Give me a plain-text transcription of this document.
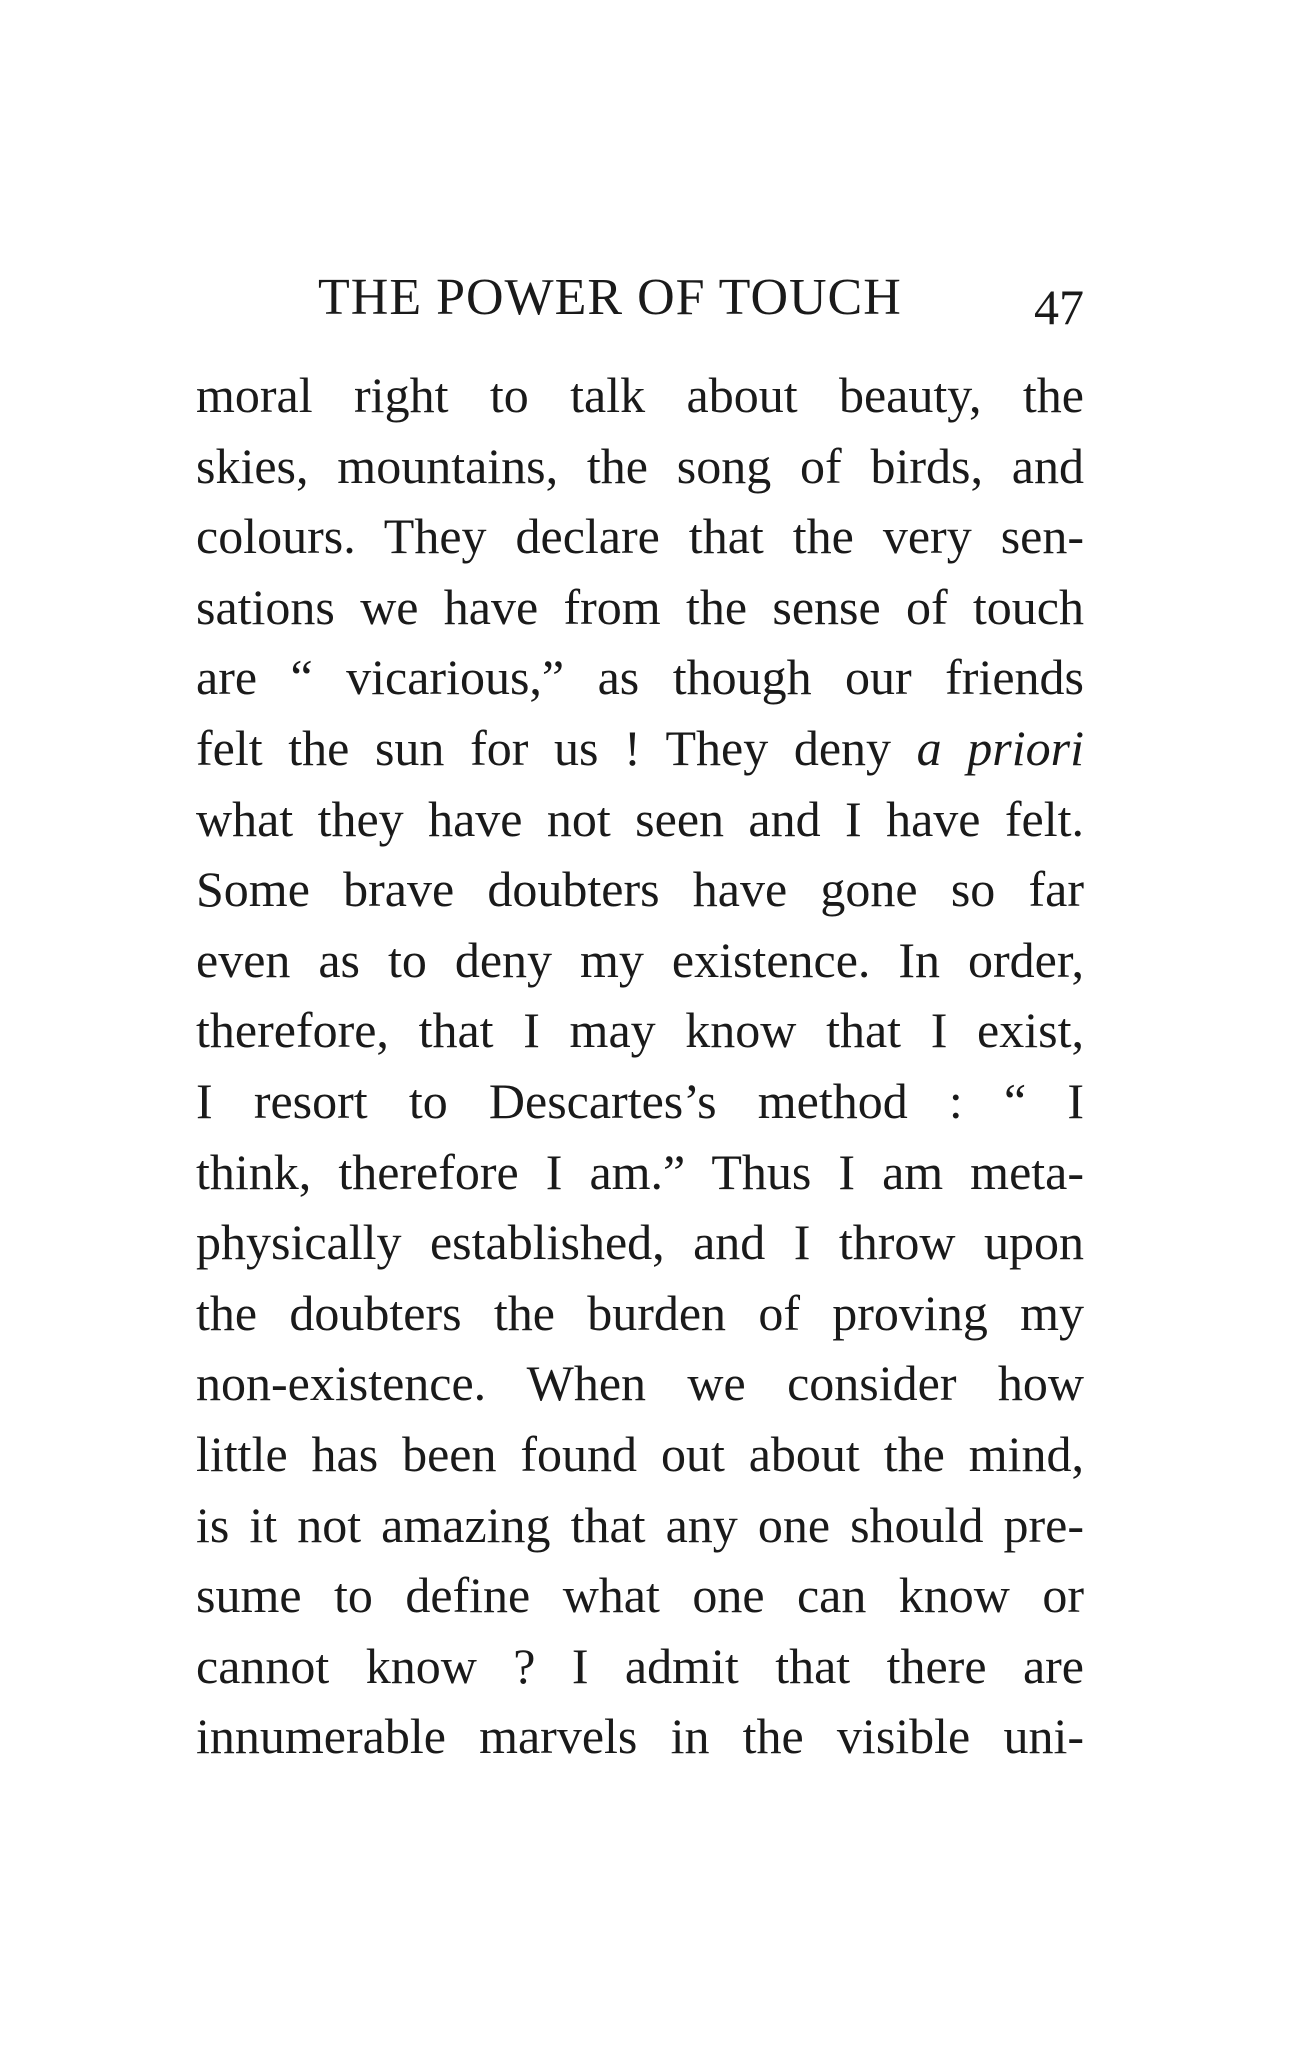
THE POWER OF TOUCH	47
moral right to talk about beauty, the
skies, mountains, the song of birds, and
colours. They declare that the very sen-
sations we have from the sense of touch
are “ vicarious,” as though our friends
felt the sun for us ! They deny a priori
what they have not seen and I have felt.
Some brave doubters have gone so far
even as to deny my existence. In order,
therefore, that I may know that I exist,
I resort to Descartes’s method : “ I
think, therefore I am.” Thus I am meta-
physically established, and I throw upon
the doubters the burden of proving my
non-existence. When we consider how
little has been found out about the mind,
is it not amazing that any one should pre-
sume to define what one can know or
cannot know ? I admit that there are
innumerable marvels in the visible uni-
